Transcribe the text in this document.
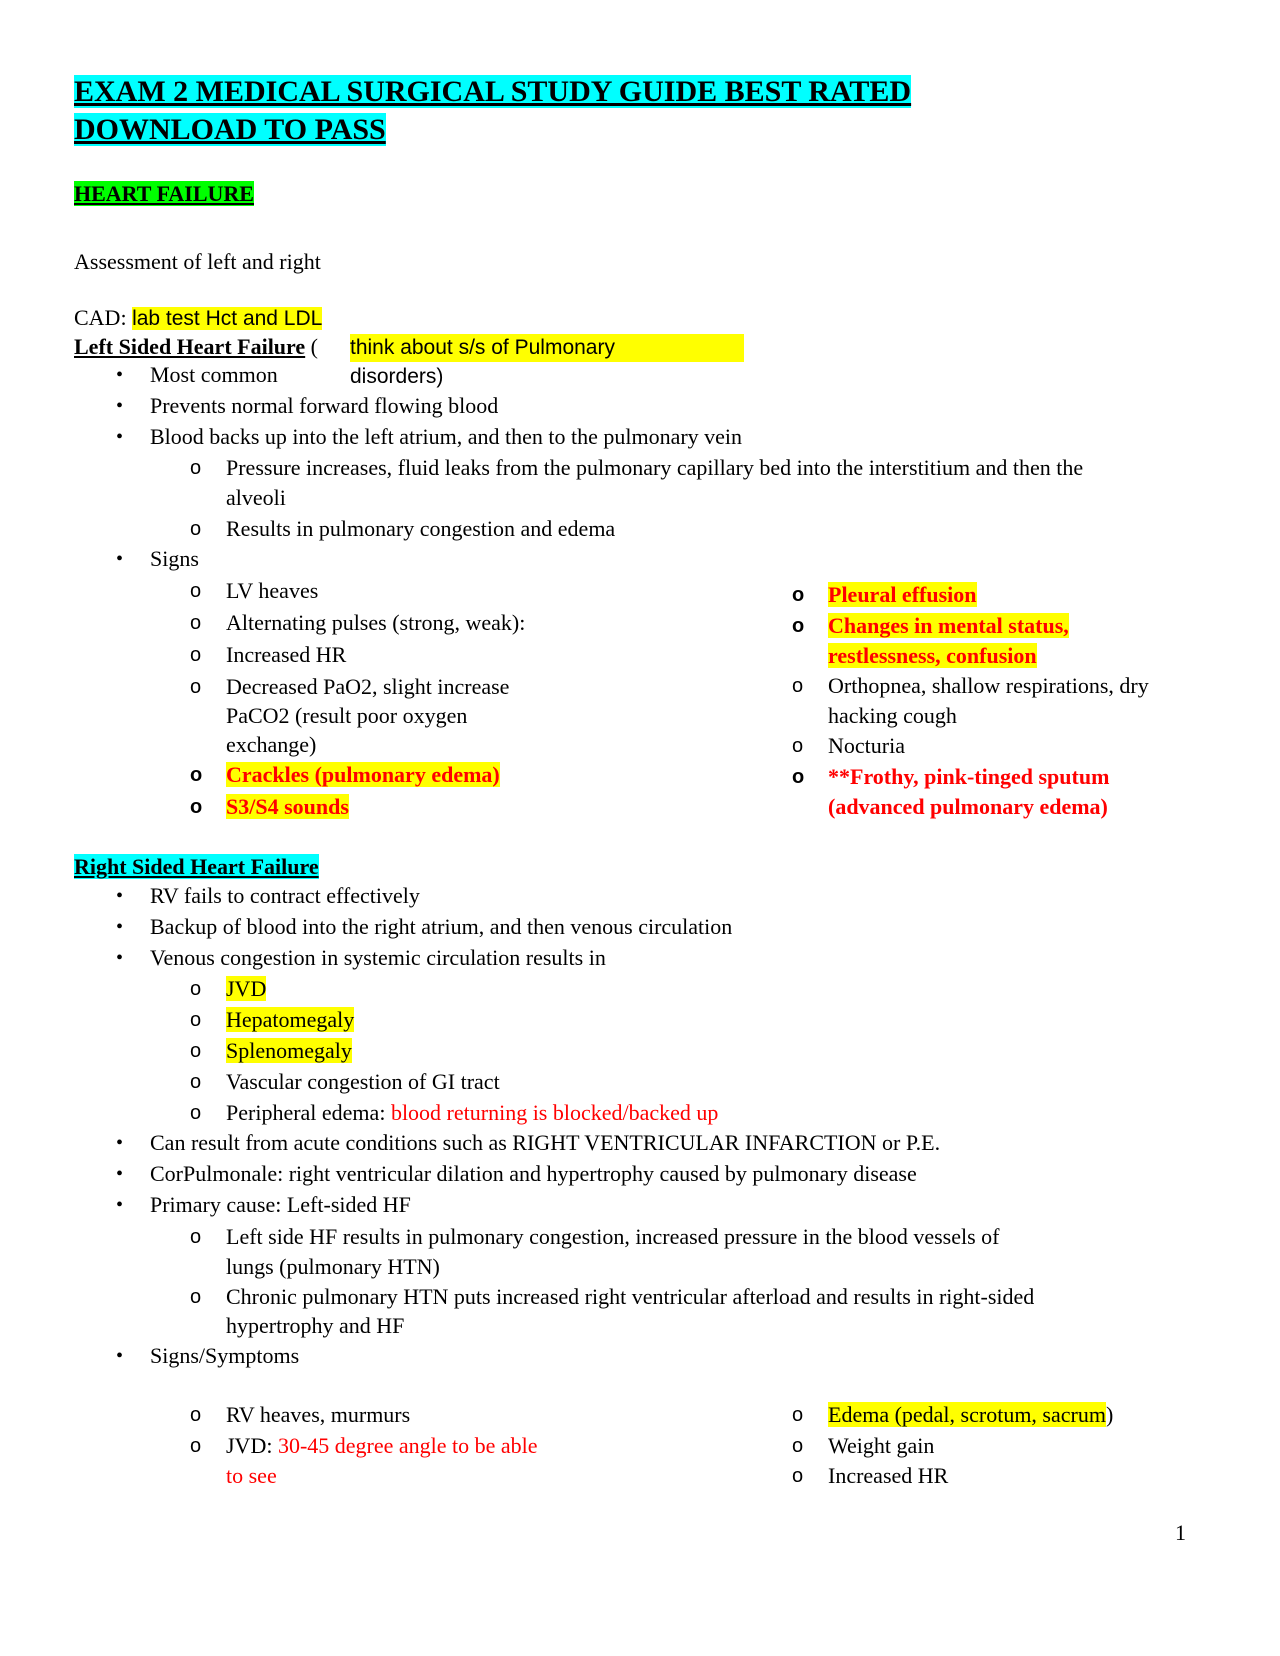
EXAM 2 MEDICAL SURGICAL STUDY GUIDE BEST RATED
DOWNLOAD TO PASS
HEART FAILURE
Assessment of left and right
CAD: lab test Hct and LDL
Left Sided Heart Failure ( think about s/s of Pulmonary
disorders)
• Most common
• Prevents normal forward flowing blood
• Blood backs up into the left atrium, and then to the pulmonary vein
o Pressure increases, fluid leaks from the pulmonary capillary bed into the interstitium and then the
alveoli
o Results in pulmonary congestion and edema
• Signs
o LV heaves
o Alternating pulses (strong, weak):
o Increased HR
o Decreased PaO2, slight increase
PaCO2 (result poor oxygen
exchange)
o Crackles (pulmonary edema)
o S3/S4 sounds
o Pleural effusion
o Changes in mental status,
restlessness, confusion
o Orthopnea, shallow respirations, dry
hacking cough
o Nocturia
o **Frothy, pink-tinged sputum
(advanced pulmonary edema)
Right Sided Heart Failure
• RV fails to contract effectively
• Backup of blood into the right atrium, and then venous circulation
• Venous congestion in systemic circulation results in
o JVD
o Hepatomegaly
o Splenomegaly
o Vascular congestion of GI tract
o Peripheral edema: blood returning is blocked/backed up
• Can result from acute conditions such as RIGHT VENTRICULAR INFARCTION or P.E.
• CorPulmonale: right ventricular dilation and hypertrophy caused by pulmonary disease
• Primary cause: Left-sided HF
o Left side HF results in pulmonary congestion, increased pressure in the blood vessels of
lungs (pulmonary HTN)
o Chronic pulmonary HTN puts increased right ventricular afterload and results in right-sided
hypertrophy and HF
• Signs/Symptoms
o RV heaves, murmurs
o JVD: 30-45 degree angle to be able
to see
o Edema (pedal, scrotum, sacrum)
o Weight gain
o Increased HR
1
